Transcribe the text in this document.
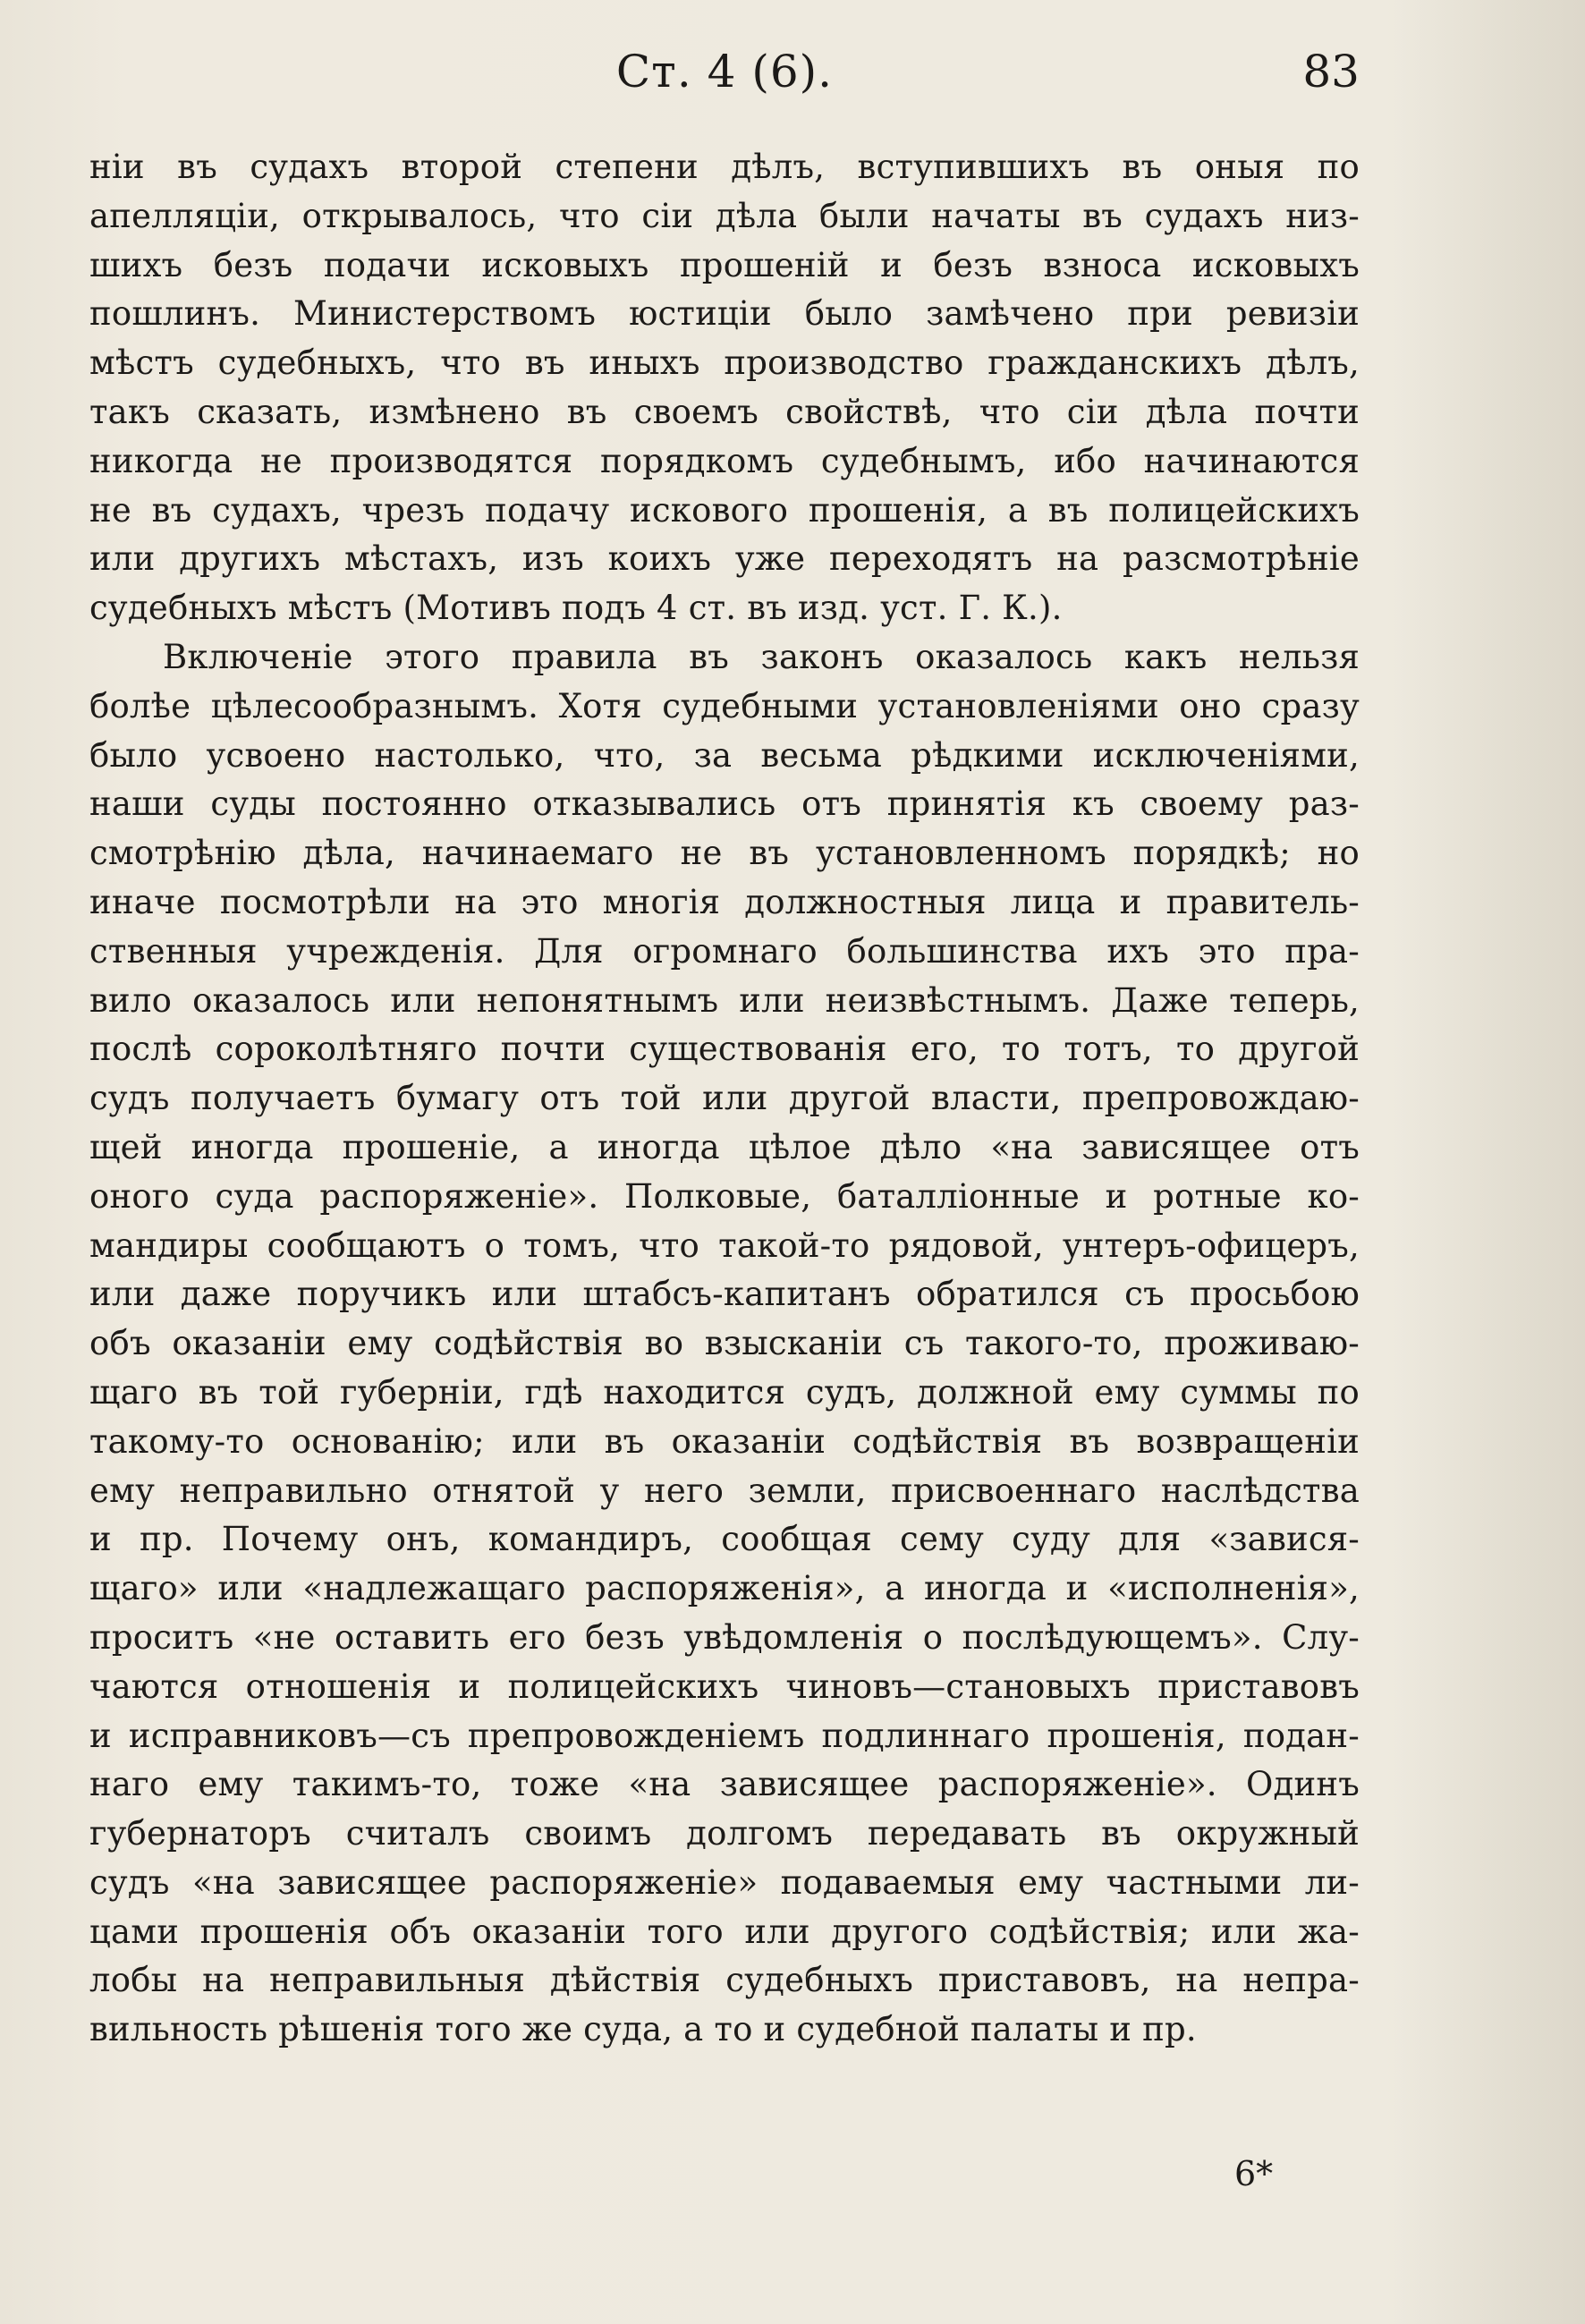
Ст. 4 (6).	83
ніи въ судахъ второй степени дѣлъ, вступившихъ въ оныя по
апелляціи, открывалось, что сіи дѣла были начаты въ судахъ низ-
шихъ безъ подачи исковыхъ прошеній и безъ взноса исковыхъ
пошлинъ. Министерствомъ юстиціи было замѣчено при ревизіи
мѣстъ судебныхъ, что въ иныхъ производство гражданскихъ дѣлъ,
такъ сказать, измѣнено въ своемъ свойствѣ, что сіи дѣла почти
никогда не производятся порядкомъ судебнымъ, ибо начинаются
не въ судахъ, чрезъ подачу искового прошенія, а въ полицейскихъ
или другихъ мѣстахъ, изъ коихъ уже переходятъ на разсмотрѣніе
судебныхъ мѣстъ (Мотивъ подъ 4 ст. въ изд. уст. Г. К.).
Включеніе этого правила въ законъ оказалось какъ нельзя
болѣе цѣлесообразнымъ. Хотя судебными установленіями оно сразу
было усвоено настолько, что, за весьма рѣдкими исключеніями,
наши суды постоянно отказывались отъ принятія къ своему раз-
смотрѣнію дѣла, начинаемаго не въ установленномъ порядкѣ; но
иначе посмотрѣли на это многія должностныя лица и правитель-
ственныя учрежденія. Для огромнаго большинства ихъ это пра-
вило оказалось или непонятнымъ или неизвѣстнымъ. Даже теперь,
послѣ сороколѣтняго почти существованія его, то тотъ, то другой
судъ получаетъ бумагу отъ той или другой власти, препровождаю-
щей иногда прошеніе, а иногда цѣлое дѣло «на зависящее отъ
оного суда распоряженіе». Полковые, баталліонные и ротные ко-
мандиры сообщаютъ о томъ, что такой-то рядовой, унтеръ-офицеръ,
или даже поручикъ или штабсъ-капитанъ обратился съ просьбою
объ оказаніи ему содѣйствія во взысканіи съ такого-то, проживаю-
щаго въ той губерніи, гдѣ находится судъ, должной ему суммы по
такому-то основанію; или въ оказаніи содѣйствія въ возвращеніи
ему неправильно отнятой у него земли, присвоеннаго наслѣдства
и пр. Почему онъ, командиръ, сообщая сему суду для «завися-
щаго» или «надлежащаго распоряженія», а иногда и «исполненія»,
проситъ «не оставить его безъ увѣдомленія о послѣдующемъ». Слу-
чаются отношенія и полицейскихъ чиновъ—становыхъ приставовъ
и исправниковъ—съ препровожденіемъ подлиннаго прошенія, подан-
наго ему такимъ-то, тоже «на зависящее распоряженіе». Одинъ
губернаторъ считалъ своимъ долгомъ передавать въ окружный
судъ «на зависящее распоряженіе» подаваемыя ему частными ли-
цами прошенія объ оказаніи того или другого содѣйствія; или жа-
лобы на неправильныя дѣйствія судебныхъ приставовъ, на непра-
вильность рѣшенія того же суда, а то и судебной палаты и пр.
6*
